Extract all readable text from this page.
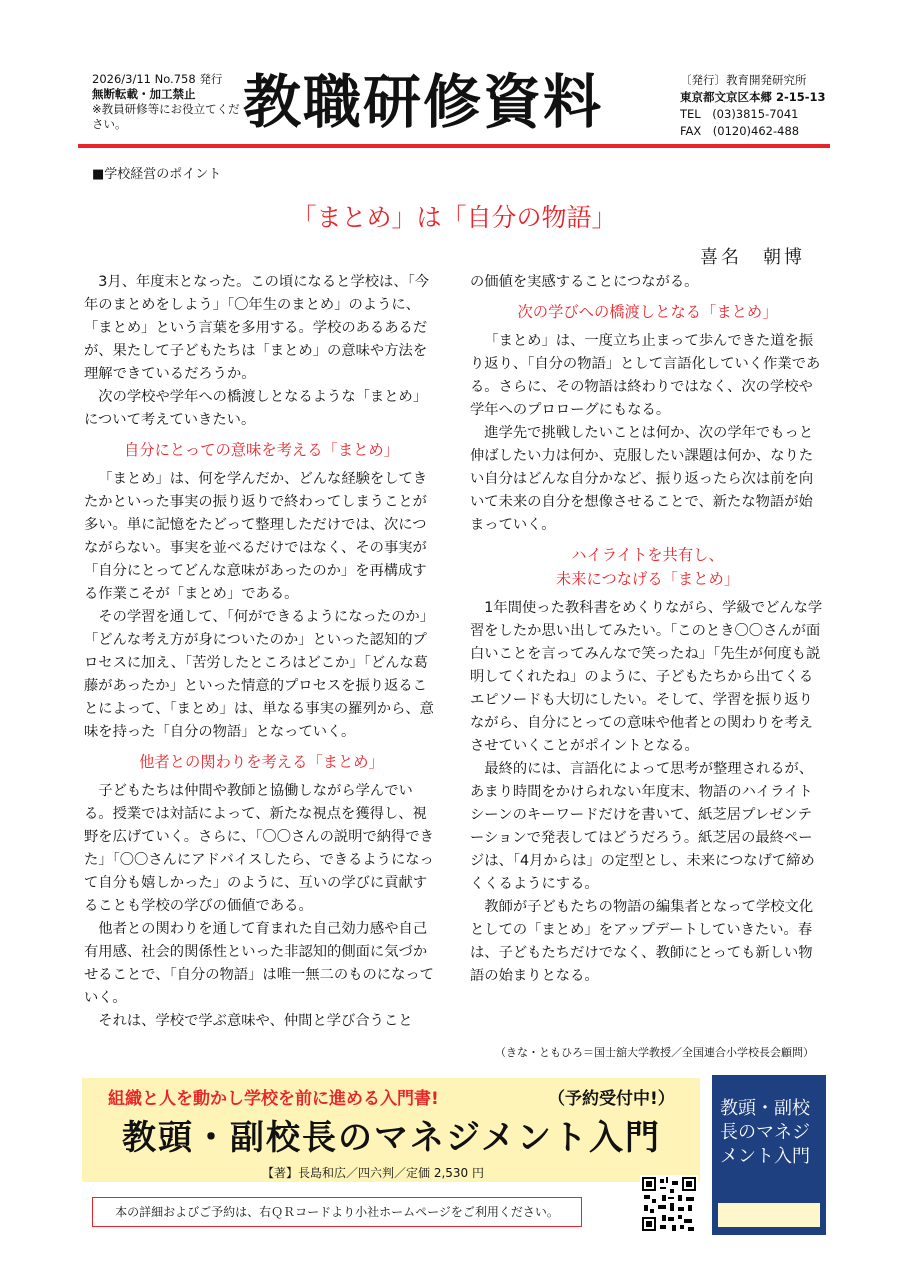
2026/3/11 No.758 発行
無断転載・加工禁止
※教員研修等にお役立てください。	教職研修資料	〔発行〕教育開発研究所
東京都文京区本郷 2-15-13
TEL　(03)3815-7041
FAX　(0120)462-488
■学校経営のポイント
「まとめ」は「自分の物語」
喜名　朝博

3月、年度末となった。この頃になると学校は、「今年のまとめをしよう」「〇年生のまとめ」のように、「まとめ」という言葉を多用する。学校のあるあるだが、果たして子どもたちは「まとめ」の意味や方法を理解できているだろうか。

次の学校や学年への橋渡しとなるような「まとめ」について考えていきたい。

自分にとっての意味を考える「まとめ」

「まとめ」は、何を学んだか、どんな経験をしてきたかといった事実の振り返りで終わってしまうことが多い。単に記憶をたどって整理しただけでは、次につながらない。事実を並べるだけではなく、その事実が「自分にとってどんな意味があったのか」を再構成する作業こそが「まとめ」である。

その学習を通して、「何ができるようになったのか」「どんな考え方が身についたのか」といった認知的プロセスに加え、「苦労したところはどこか」「どんな葛藤があったか」といった情意的プロセスを振り返ることによって、「まとめ」は、単なる事実の羅列から、意味を持った「自分の物語」となっていく。

他者との関わりを考える「まとめ」

子どもたちは仲間や教師と協働しながら学んでいる。授業では対話によって、新たな視点を獲得し、視野を広げていく。さらに、「〇〇さんの説明で納得できた」「〇〇さんにアドバイスしたら、できるようになって自分も嬉しかった」のように、互いの学びに貢献することも学校の学びの価値である。

他者との関わりを通して育まれた自己効力感や自己有用感、社会的関係性といった非認知的側面に気づかせることで、「自分の物語」は唯一無二のものになっていく。

それは、学校で学ぶ意味や、仲間と学び合うこと

の価値を実感することにつながる。

次の学びへの橋渡しとなる「まとめ」

「まとめ」は、一度立ち止まって歩んできた道を振り返り、「自分の物語」として言語化していく作業である。さらに、その物語は終わりではなく、次の学校や学年へのプロローグにもなる。

進学先で挑戦したいことは何か、次の学年でもっと伸ばしたい力は何か、克服したい課題は何か、なりたい自分はどんな自分かなど、振り返ったら次は前を向いて未来の自分を想像させることで、新たな物語が始まっていく。

ハイライトを共有し、
未来につなげる「まとめ」

1年間使った教科書をめくりながら、学級でどんな学習をしたか思い出してみたい。「このとき〇〇さんが面白いことを言ってみんなで笑ったね」「先生が何度も説明してくれたね」のように、子どもたちから出てくるエピソードも大切にしたい。そして、学習を振り返りながら、自分にとっての意味や他者との関わりを考えさせていくことがポイントとなる。

最終的には、言語化によって思考が整理されるが、あまり時間をかけられない年度末、物語のハイライトシーンのキーワードだけを書いて、紙芝居プレゼンテーションで発表してはどうだろう。紙芝居の最終ページは、「4月からは」の定型とし、未来につなげて締めくくるようにする。

教師が子どもたちの物語の編集者となって学校文化としての「まとめ」をアップデートしていきたい。春は、子どもたちだけでなく、教師にとっても新しい物語の始まりとなる。

（きな・ともひろ＝国士舘大学教授／全国連合小学校長会顧問）
組織と人を動かし学校を前に進める入門書!	（予約受付中!）
教頭・副校長のマネジメント入門
【著】長島和広／四六判／定価 2,530 円
本の詳細およびご予約は、右ＱＲコードより小社ホームページをご利用ください。
教頭・副校長のマネジメント入門
